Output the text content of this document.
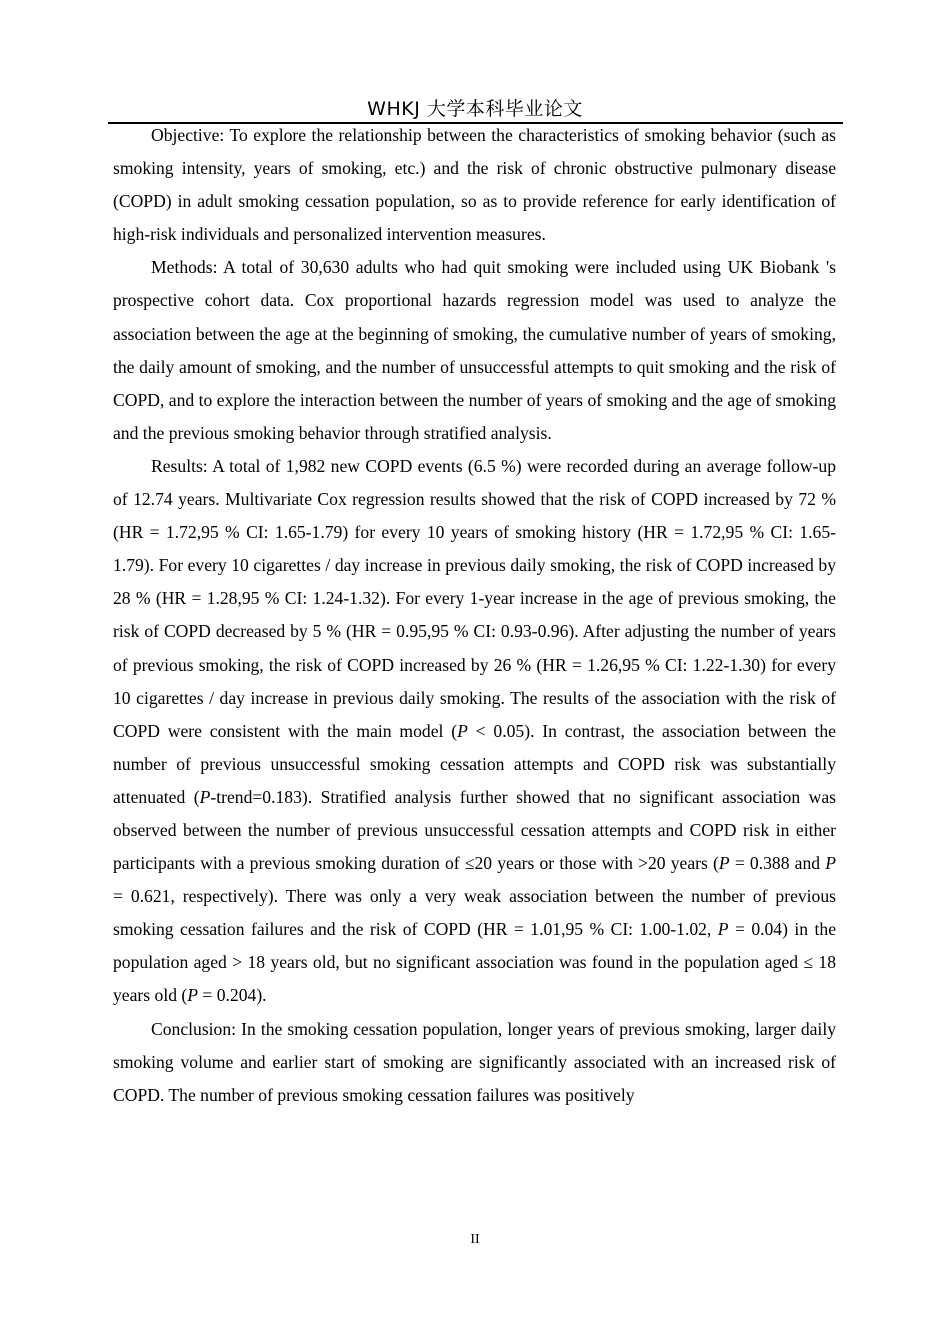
WHKJ 大学本科毕业论文

Objective: To explore the relationship between the characteristics of smoking behavior (such as smoking intensity, years of smoking, etc.) and the risk of chronic obstructive pulmonary disease (COPD) in adult smoking cessation population, so as to provide reference for early identification of high-risk individuals and personalized intervention measures.

Methods: A total of 30,630 adults who had quit smoking were included using UK Biobank 's prospective cohort data. Cox proportional hazards regression model was used to analyze the association between the age at the beginning of smoking, the cumulative number of years of smoking, the daily amount of smoking, and the number of unsuccessful attempts to quit smoking and the risk of COPD, and to explore the interaction between the number of years of smoking and the age of smoking and the previous smoking behavior through stratified analysis.

Results: A total of 1,982 new COPD events (6.5 %) were recorded during an average follow-up of 12.74 years. Multivariate Cox regression results showed that the risk of COPD increased by 72 % (HR = 1.72,95 % CI: 1.65-1.79) for every 10 years of smoking history (HR = 1.72,95 % CI: 1.65-1.79). For every 10 cigarettes / day increase in previous daily smoking, the risk of COPD increased by 28 % (HR = 1.28,95 % CI: 1.24-1.32). For every 1-year increase in the age of previous smoking, the risk of COPD decreased by 5 % (HR = 0.95,95 % CI: 0.93-0.96). After adjusting the number of years of previous smoking, the risk of COPD increased by 26 % (HR = 1.26,95 % CI: 1.22-1.30) for every 10 cigarettes / day increase in previous daily smoking. The results of the association with the risk of COPD were consistent with the main model (P < 0.05). In contrast, the association between the number of previous unsuccessful smoking cessation attempts and COPD risk was substantially attenuated (P-trend=0.183). Stratified analysis further showed that no significant association was observed between the number of previous unsuccessful cessation attempts and COPD risk in either participants with a previous smoking duration of ≤20 years or those with >20 years (P = 0.388 and P = 0.621, respectively). There was only a very weak association between the number of previous smoking cessation failures and the risk of COPD (HR = 1.01,95 % CI: 1.00-1.02, P = 0.04) in the population aged > 18 years old, but no significant association was found in the population aged ≤ 18 years old (P = 0.204).

Conclusion: In the smoking cessation population, longer years of previous smoking, larger daily smoking volume and earlier start of smoking are significantly associated with an increased risk of COPD. The number of previous smoking cessation failures was positively

II
